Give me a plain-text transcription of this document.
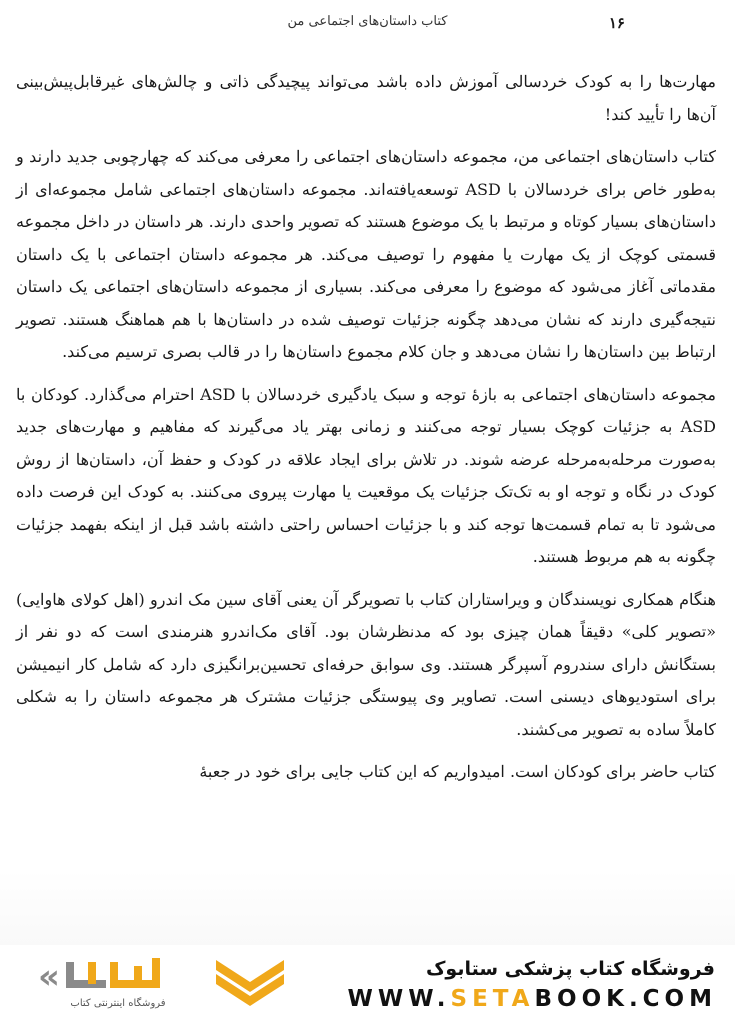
کتاب داستان‌های اجتماعی من	۱۶

مهارت‌ها را به کودک خردسالی آموزش داده باشد می‌تواند پیچیدگی ذاتی و چالش‌های غیرقابل‌پیش‌بینی آن‌ها را تأیید کند!

کتاب داستان‌های اجتماعی من، مجموعه داستان‌های اجتماعی را معرفی می‌کند که چهارچوبی جدید دارند و به‌طور خاص برای خردسالان با ASD توسعه‌یافته‌اند. مجموعه داستان‌های اجتماعی شامل مجموعه‌ای از داستان‌های بسیار کوتاه و مرتبط با یک موضوع هستند که تصویر واحدی دارند. هر داستان در داخل مجموعه قسمتی کوچک از یک مهارت یا مفهوم را توصیف می‌کند. هر مجموعه داستان اجتماعی با یک داستان مقدماتی آغاز می‌شود که موضوع را معرفی می‌کند. بسیاری از مجموعه داستان‌های اجتماعی یک داستان نتیجه‌گیری دارند که نشان می‌دهد چگونه جزئیات توصیف شده در داستان‌ها با هم هماهنگ هستند. تصویر ارتباط بین داستان‌ها را نشان می‌دهد و جان کلام مجموع داستان‌ها را در قالب بصری ترسیم می‌کند.

مجموعه داستان‌های اجتماعی به بازهٔ توجه و سبک یادگیری خردسالان با ASD احترام می‌گذارد. کودکان با ASD به جزئیات کوچک بسیار توجه می‌کنند و زمانی بهتر یاد می‌گیرند که مفاهیم و مهارت‌های جدید به‌صورت مرحله‌به‌مرحله عرضه شوند. در تلاش برای ایجاد علاقه در کودک و حفظ آن، داستان‌ها از روش کودک در نگاه و توجه او به تک‌تک جزئیات یک موقعیت یا مهارت پیروی می‌کنند. به کودک این فرصت داده می‌شود تا به تمام قسمت‌ها توجه کند و با جزئیات احساس راحتی داشته باشد قبل از اینکه بفهمد جزئیات چگونه به هم مربوط هستند.

هنگام همکاری نویسندگان و ویراستاران کتاب با تصویرگر آن یعنی آقای سین مک اندرو (اهل کولای هاوایی) «تصویر کلی» دقیقاً همان چیزی بود که مدنظرشان بود. آقای مک‌اندرو هنرمندی است که دو نفر از بستگانش دارای سندروم آسپرگر هستند. وی سوابق حرفه‌ای تحسین‌برانگیزی دارد که شامل کار انیمیشن برای استودیوهای دیسنی است. تصاویر وی پیوستگی جزئیات مشترک هر مجموعه داستان را به شکلی کاملاً ساده به تصویر می‌کشند.

کتاب حاضر برای کودکان است. امیدواریم که این کتاب جایی برای خود در جعبهٔ

«
فروشگاه اینترنتی کتاب
فروشگاه کتاب پزشکی ستابوک
WWW.SETABOOK.COM
